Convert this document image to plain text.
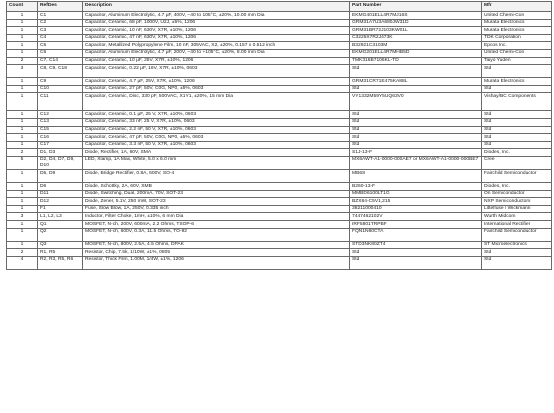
Count	RefDes	Description	Part Number	Mfr
1	C1	Capacitor, Aluminum Electrolytic, 4.7 μF, 400V, −40 to 105°C, ±20%, 10.00 mm Dia	EKMG401ELL4R7MJ16S	United Chemi-Con
1	C2	Capacitor, Ceramic, 68 pF, 1000V, U2J, ±5%, 1206	GRM31A7U3A680JW31D	Murata Electronics
1	C3	Capacitor, Ceramic, 10 nF, 630V, X7R, ±10%, 1206	GRM31BR72J103KW01L	Murata Electronics
1	C4	Capacitor, Ceramic, 47 nF, 630V, X7R, ±10%, 1206	C3225X7R2J473K	TDK Corporation
1	C5	Capacitor, Metallized Polypropylene Film, 10 nF, 305VAC, X2, ±20%, 0.157 x 0.512 inch	B32921C3103M	Epcos Inc.
1	C6	Capacitor, Aluminum Electrolytic, 4.7 μF, 200V, −40 to +105°C, ±20%, 8.00 mm Dia	EKMG201ELL4R7MHB5D	United Chemi-Con
2	C7, C14	Capacitor, Ceramic, 10 μF, 25V, X7R, ±10%, 1206	TMK316B7106KL-TD	Taiyo Yuden
3	C8, C9, C18	Capacitor, Ceramic, 0.22 μF, 16V, X7R, ±10%, 0603	Std	Std
1	C9	Capacitor, Ceramic, 4.7 μF, 25V, X7R, ±10%, 1206	GRM31CR71E475KA88L	Murata Electronics
1	C10	Capacitor, Ceramic, 27 pF, 50V, C0G, NP0, ±5%, 0603	Std	Std
1	C11	Capacitor, Ceramic, Disc, 330 pF, 500VAC, X1Y1, ±20%, 15 mm Dia	VY1332M59Y5UQ63V0	Vishay/BC Components
1	C12	Capacitor, Ceramic, 0.1 μF, 25 V, X7R, ±10%, 0603	Std	Std
1	C13	Capacitor, Ceramic, 33 nF, 25 V, X7R, ±10%, 0603	Std	Std
1	C15	Capacitor, Ceramic, 2.2 nF, 50 V, X7R, ±10%, 0603	Std	Std
1	C16	Capacitor, Ceramic, 47 pF, 50V, C0G, NP0, ±5%, 0603	Std	Std
1	C17	Capacitor, Ceramic, 3.3 nF, 50 V, X7R, ±10%, 0603	Std	Std
2	D1, D3	Diode, Rectifier, 1A, 60V, SMA	S1J-13-F	Diodes, Inc.
5	D2, D4, D7, D9, D10	LED, Xlamp, 1A Max, White, 5.0 x 6.0 mm	MX6AWT-A1-0000-000AE7 or MX6AWT-A1-0000-000BE7	Cree
1	D5, D9	Diode, Bridge Rectifier, 0.8A, 600V, SO-4	MB6S	Fairchild Semiconductor
1	D6	Diode, Schottky, 2A, 60V, SMB	B260-13-F	Diodes, Inc.
1	D11	Diode, Switching, Dual, 200mA, 70V, SOT-23	MMBD6100LT1G	On Semiconductor
1	D12	Diode, Zener, 5.1V, 250 mW, SOT-23	BZX84-C5V1,215	NXP Semiconductors
1	F1	Fuse, Slow Blow, 1A, 250V, 0.335 inch	38211000410	Littelfuse / Wickmann
3	L1, L2, L3	Inductor, Filter Choke, 1mH, ±10%, 6 mm Dia	7447462102V	Wurth Midcom
1	Q1	MOSFET, N-ch, 200V, 600mA, 2.2 Ohms, TSOP-6	IRF5801TRPBF	International Rectifier
1	Q2	MOSFET, N-ch, 600V, 0.3A, 11.5 Ohms, TO-92	FQN1N60CTA	Fairchild Semiconductor
1	Q3	MOSFET, N-ch, 800V, 2.5A, 4.5 Ohms, DPAK	STD3NK80ZT4	ST Microelectronics
2	R1, R5	Resistor, Chip, 7.5k, 1/10W, ±1%, 0805	Std	Std
4	R2, R3, R5, R6	Resistor, Thick Film, 1.00M, 1/4W, ±1%, 1206	Std	Std
